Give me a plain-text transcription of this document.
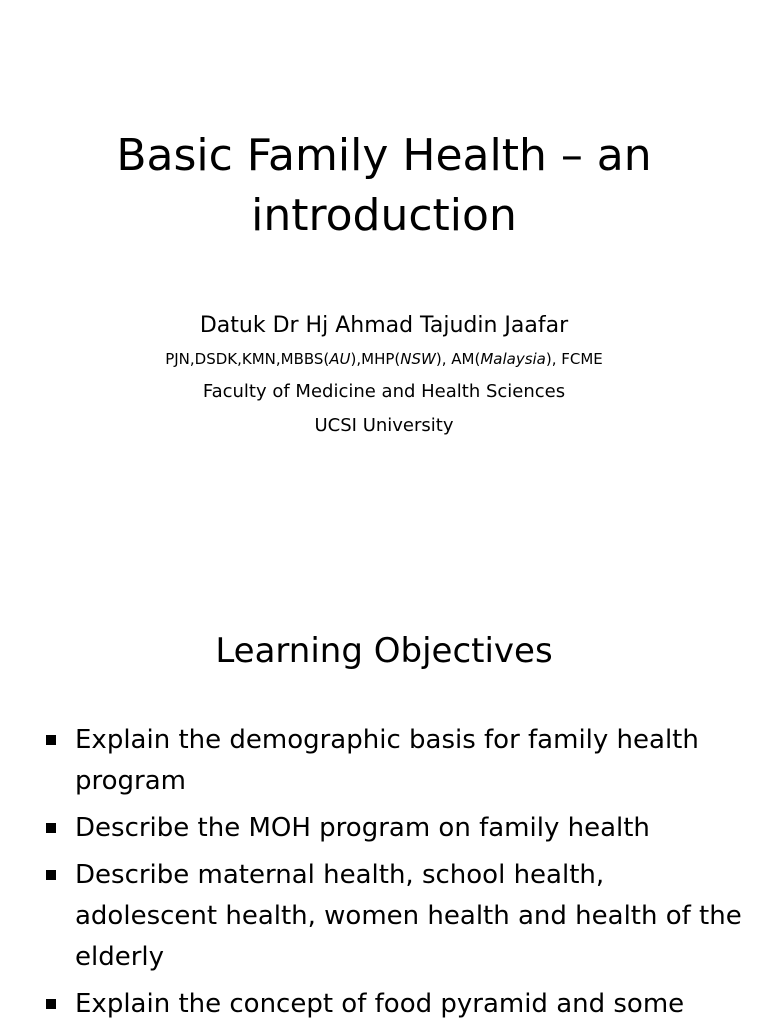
Basic Family Health – an
introduction
Datuk Dr Hj Ahmad Tajudin Jaafar
PJN,DSDK,KMN,MBBS(AU),MHP(NSW), AM(Malaysia), FCME
Faculty of Medicine and Health Sciences
UCSI University
Learning Objectives
Explain the demographic basis for family health program
Describe the MOH program on family health
Describe maternal health, school health, adolescent health, women health and health of the elderly
Explain the concept of food pyramid and some
